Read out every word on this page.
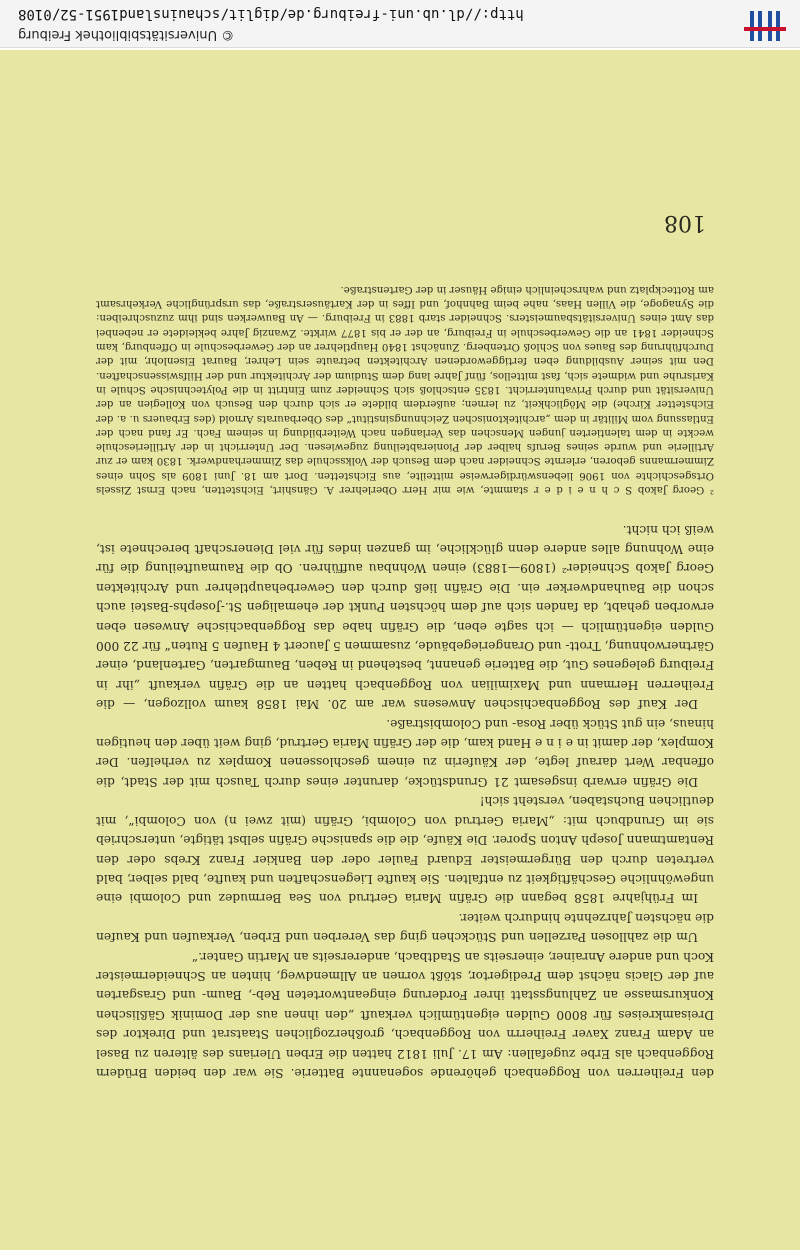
108

den Freiherren von Roggenbach gehörende sogenannte Batterie. Sie war den beiden Brüdern Roggenbach als Erbe zugefallen: Am 17. Juli 1812 hatten die Erben Ulerians des älteren zu Basel an Adam Franz Xaver Freiherrn von Roggenbach, großherzoglichen Staatsrat und Direktor des Dreisamkreises für 8000 Gulden eigentümlich verkauft „den ihnen aus der Dominik Gäßlischen Konkursmasse an Zahlungsstatt ihrer Forderung eingeantworteten Reb-, Baum- und Grasgarten auf der Glacis nächst dem Predigertor, stößt vornen an Allmendweg, hinten an Schneidermeister Koch und andere Anrainer, einerseits an Stadtbach, andererseits an Martin Ganter.“

Um die zahllosen Parzellen und Stückchen ging das Vererben und Erben, Verkaufen und Kaufen die nächsten Jahrzehnte hindurch weiter.

Im Frühjahre 1858 begann die Gräfin Maria Gertrud von Sea Bermudez und Colombi eine ungewöhnliche Geschäftigkeit zu entfalten. Sie kaufte Liegenschaften und kaufte, bald selber, bald vertreten durch den Bürgermeister Eduard Fauler oder den Bankier Franz Krebs oder den Rentamtmann Joseph Anton Sporer. Die Käufe, die die spanische Gräfin selbst tätigte, unterschrieb sie im Grundbuch mit: „Maria Gertrud von Colombi, Gräfin (mit zwei n) von Colombi“, mit deutlichen Buchstaben, versteht sich!

Die Gräfin erwarb insgesamt 21 Grundstücke, darunter eines durch Tausch mit der Stadt, die offenbar Wert darauf legte, der Käuferin zu einem geschlossenen Komplex zu verhelfen. Der Komplex, der damit in e i n e Hand kam, die der Gräfin Maria Gertrud, ging weit über den heutigen hinaus, ein gut Stück über Rosa- und Colombistraße.

Der Kauf des Roggenbachischen Anwesens war am 20. Mai 1858 kaum vollzogen, — die Freiherren Hermann und Maximilian von Roggenbach hatten an die Gräfin verkauft „ihr in Freiburg gelegenes Gut, die Batterie genannt, bestehend in Reben, Baumgarten, Gartenland, einer Gärtnerwohnung, Trott- und Orangeriegebäude, zusammen 5 Jaucert 4 Haufen 5 Ruten“ für 22 000 Gulden eigentümlich — ich sagte eben, die Gräfin habe das Roggenbachische Anwesen eben erworben gehabt, da fanden sich auf dem höchsten Punkt der ehemaligen St.-Josephs-Bastei auch schon die Bauhandwerker ein. Die Gräfin ließ durch den Gewerbehauptlehrer und Architekten Georg Jakob Schneider² (1809—1883) einen Wohnbau aufführen. Ob die Raumaufteilung die für eine Wohnung alles andere denn glückliche, im ganzen indes für viel Dienerschaft berechnete ist, weiß ich nicht.

² Georg Jakob S c h n e i d e r stammte, wie mir Herr Oberlehrer A. Gänshirt, Eichstetten, nach Ernst Zissels Ortsgeschichte von 1906 liebenswürdigerweise mitteilte, aus Eichstetten. Dort am 18. Juni 1809 als Sohn eines Zimmermanns geboren, erlernte Schneider nach dem Besuch der Volksschule das Zimmerhandwerk. 1830 kam er zur Artillerie und wurde seines Berufs halber der Pionierabteilung zugewiesen. Der Unterricht in der Artillerieschule weckte in dem talentierten jungen Menschen das Verlangen nach Weiterbildung in seinem Fach. Er fand nach der Entlassung vom Militär in dem „architektonischen Zeichnungsinstitut“ des Oberbaurats Arnold (des Erbauers u. a. der Eichstetter Kirche) die Möglichkeit, zu lernen; außerdem bildete er sich durch den Besuch von Kollegien an der Universität und durch Privatunterricht. 1835 entschloß sich Schneider zum Eintritt in die Polytechnische Schule in Karlsruhe und widmete sich, fast mittellos, fünf Jahre lang dem Studium der Architektur und der Hilfswissenschaften. Den mit seiner Ausbildung eben fertiggewordenen Architekten betraute sein Lehrer, Baurat Eisenlohr, mit der Durchführung des Baues von Schloß Ortenberg. Zunächst 1840 Hauptlehrer an der Gewerbeschule in Offenburg, kam Schneider 1841 an die Gewerbeschule in Freiburg, an der er bis 1877 wirkte. Zwanzig Jahre bekleidete er nebenbei das Amt eines Universitätsbaumeisters. Schneider starb 1883 in Freiburg. — An Bauwerken sind ihm zuzuschreiben: die Synagoge, die Villen Haas, nahe beim Bahnhof, und Iffes in der Kartäuserstraße, das ursprüngliche Verkehrsamt am Rotteckplatz und wahrscheinlich einige Häuser in der Gartenstraße.

© Universitätsbibliothek Freiburg
http://dl.ub.uni-freiburg.de/diglit/schauinsland1951-52/0108
